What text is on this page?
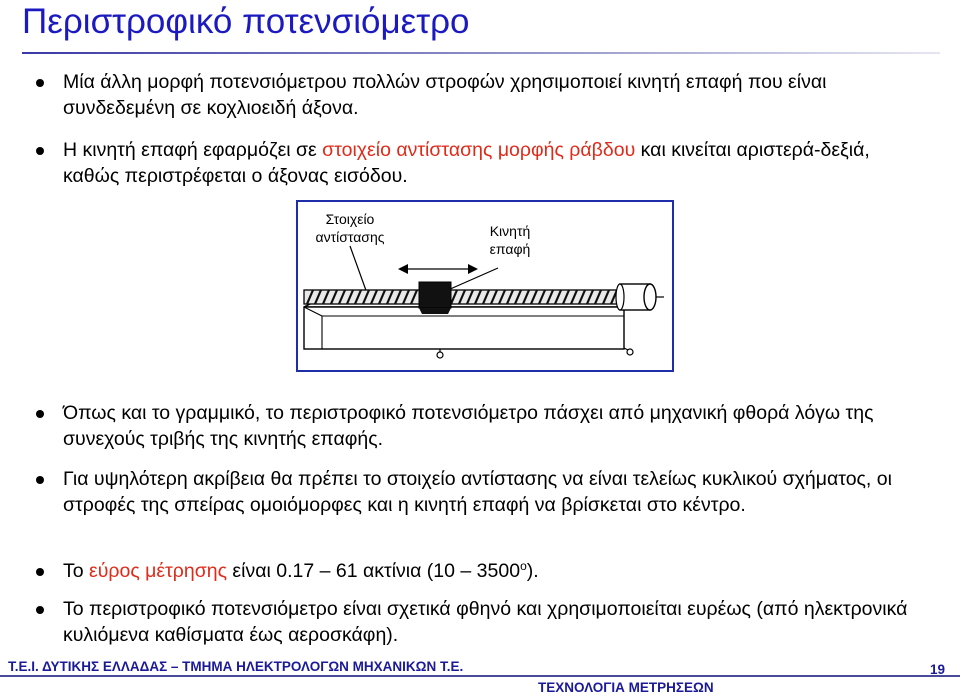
Περιστροφικό ποτενσιόμετρο
Μία άλλη μορφή ποτενσιόμετρου πολλών στροφών χρησιμοποιεί κινητή επαφή που είναι συνδεδεμένη σε κοχλιοειδή άξονα.
Η κινητή επαφή εφαρμόζει σε στοιχείο αντίστασης μορφής ράβδου και κινείται αριστερά-δεξιά, καθώς περιστρέφεται ο άξονας εισόδου.
Όπως και το γραμμικό, το περιστροφικό ποτενσιόμετρο πάσχει από μηχανική φθορά λόγω της συνεχούς τριβής της κινητής επαφής.
Για υψηλότερη ακρίβεια θα πρέπει το στοιχείο αντίστασης να είναι τελείως κυκλικού σχήματος, οι στροφές της σπείρας ομοιόμορφες και η κινητή επαφή να βρίσκεται στο κέντρο.
Το εύρος μέτρησης είναι 0.17 – 61 ακτίνια (10 – 3500$^o$).
Το περιστροφικό ποτενσιόμετρο είναι σχετικά φθηνό και χρησιμοποιείται ευρέως (από ηλεκτρονικά κυλιόμενα καθίσματα έως αεροσκάφη).
Στοιχείο
αντίστασης	Κινητή
επαφή
Τ.Ε.Ι. ΔΥΤΙΚΗΣ ΕΛΛΑΔΑΣ – ΤΜΗΜΑ ΗΛΕΚΤΡΟΛΟΓΩΝ ΜΗΧΑΝΙΚΩΝ Τ.Ε.
ΤΕΧΝΟΛΟΓΙΑ ΜΕΤΡΗΣΕΩΝ
19
